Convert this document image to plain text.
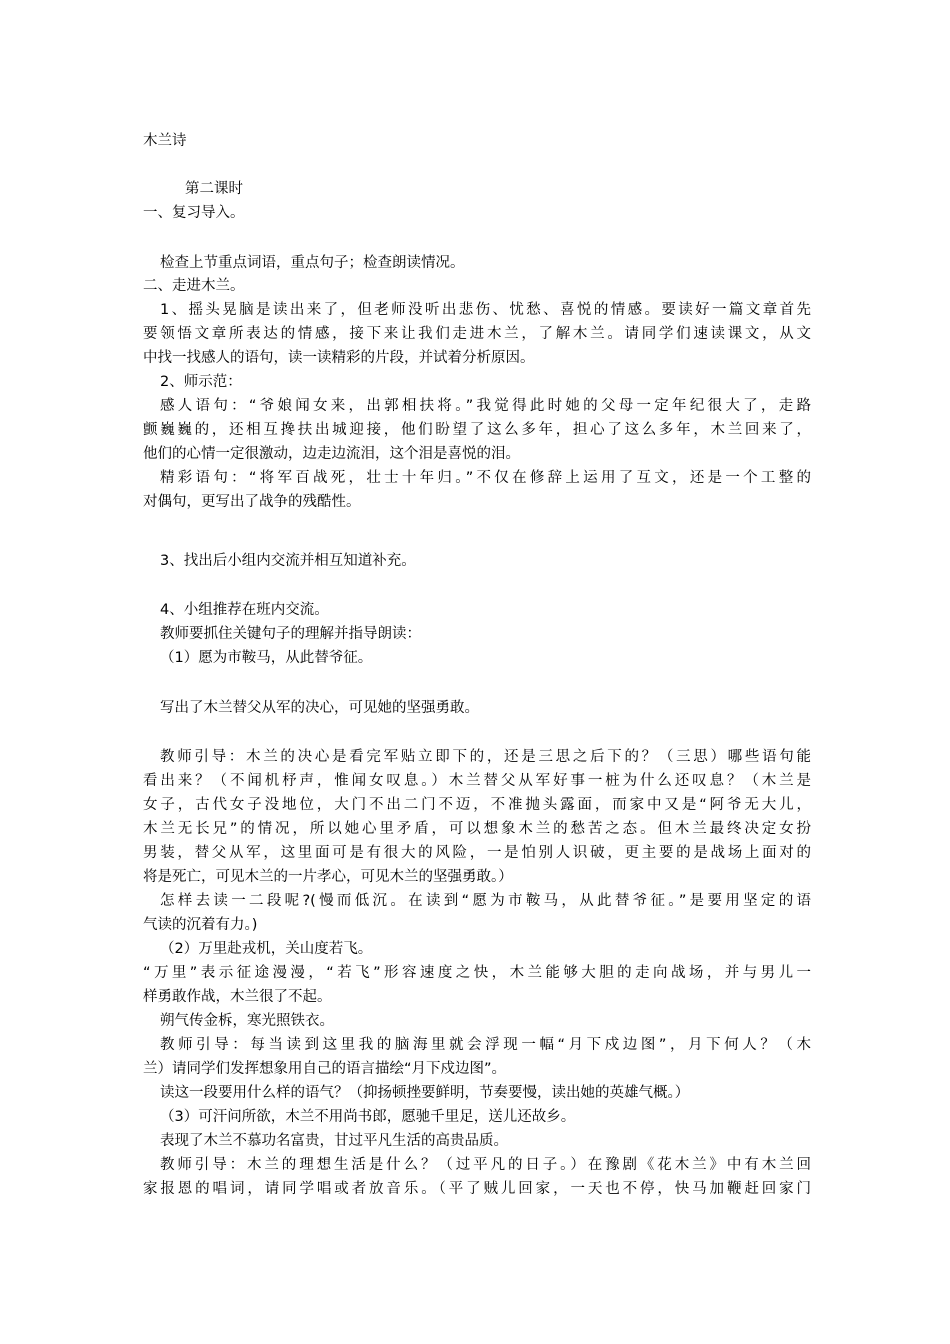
木兰诗
第二课时
一、复习导入。
检查上节重点词语，重点句子；检查朗读情况。
二、走进木兰。
1、摇头晃脑是读出来了，但老师没听出悲伤、忧愁、喜悦的情感。要读好一篇文章首先
要领悟文章所表达的情感，接下来让我们走进木兰，了解木兰。请同学们速读课文，从文
中找一找感人的语句，读一读精彩的片段，并试着分析原因。
2、师示范：
感人语句：“爷娘闻女来，出郭相扶将。”我觉得此时她的父母一定年纪很大了，走路
颤巍巍的，还相互搀扶出城迎接，他们盼望了这么多年，担心了这么多年，木兰回来了，
他们的心情一定很激动，边走边流泪，这个泪是喜悦的泪。
精彩语句：“将军百战死，壮士十年归。”不仅在修辞上运用了互文，还是一个工整的
对偶句，更写出了战争的残酷性。
3、找出后小组内交流并相互知道补充。
4、小组推荐在班内交流。
教师要抓住关键句子的理解并指导朗读：
（1）愿为市鞍马，从此替爷征。
写出了木兰替父从军的决心，可见她的坚强勇敢。
教师引导：木兰的决心是看完军贴立即下的，还是三思之后下的？（三思）哪些语句能
看出来？（不闻机杼声，惟闻女叹息。）木兰替父从军好事一桩为什么还叹息？（木兰是
女子，古代女子没地位，大门不出二门不迈，不准抛头露面，而家中又是“阿爷无大儿，
木兰无长兄”的情况，所以她心里矛盾，可以想象木兰的愁苦之态。但木兰最终决定女扮
男装，替父从军，这里面可是有很大的风险，一是怕别人识破，更主要的是战场上面对的
将是死亡，可见木兰的一片孝心，可见木兰的坚强勇敢。）
怎样去读一二段呢?(慢而低沉。在读到“愿为市鞍马，从此替爷征。”是要用坚定的语
气读的沉着有力。)
（2）万里赴戎机，关山度若飞。
“万里”表示征途漫漫，“若飞”形容速度之快，木兰能够大胆的走向战场，并与男儿一
样勇敢作战，木兰很了不起。
朔气传金柝，寒光照铁衣。
教师引导：每当读到这里我的脑海里就会浮现一幅“月下戍边图”，月下何人？（木
兰）请同学们发挥想象用自己的语言描绘“月下戍边图”。
读这一段要用什么样的语气？（抑扬顿挫要鲜明，节奏要慢，读出她的英雄气概。）
（3）可汗问所欲，木兰不用尚书郎，愿驰千里足，送儿还故乡。
表现了木兰不慕功名富贵，甘过平凡生活的高贵品质。
教师引导：木兰的理想生活是什么？（过平凡的日子。）在豫剧《花木兰》中有木兰回
家报恩的唱词，请同学唱或者放音乐。（平了贼儿回家，一天也不停，快马加鞭赶回家门
